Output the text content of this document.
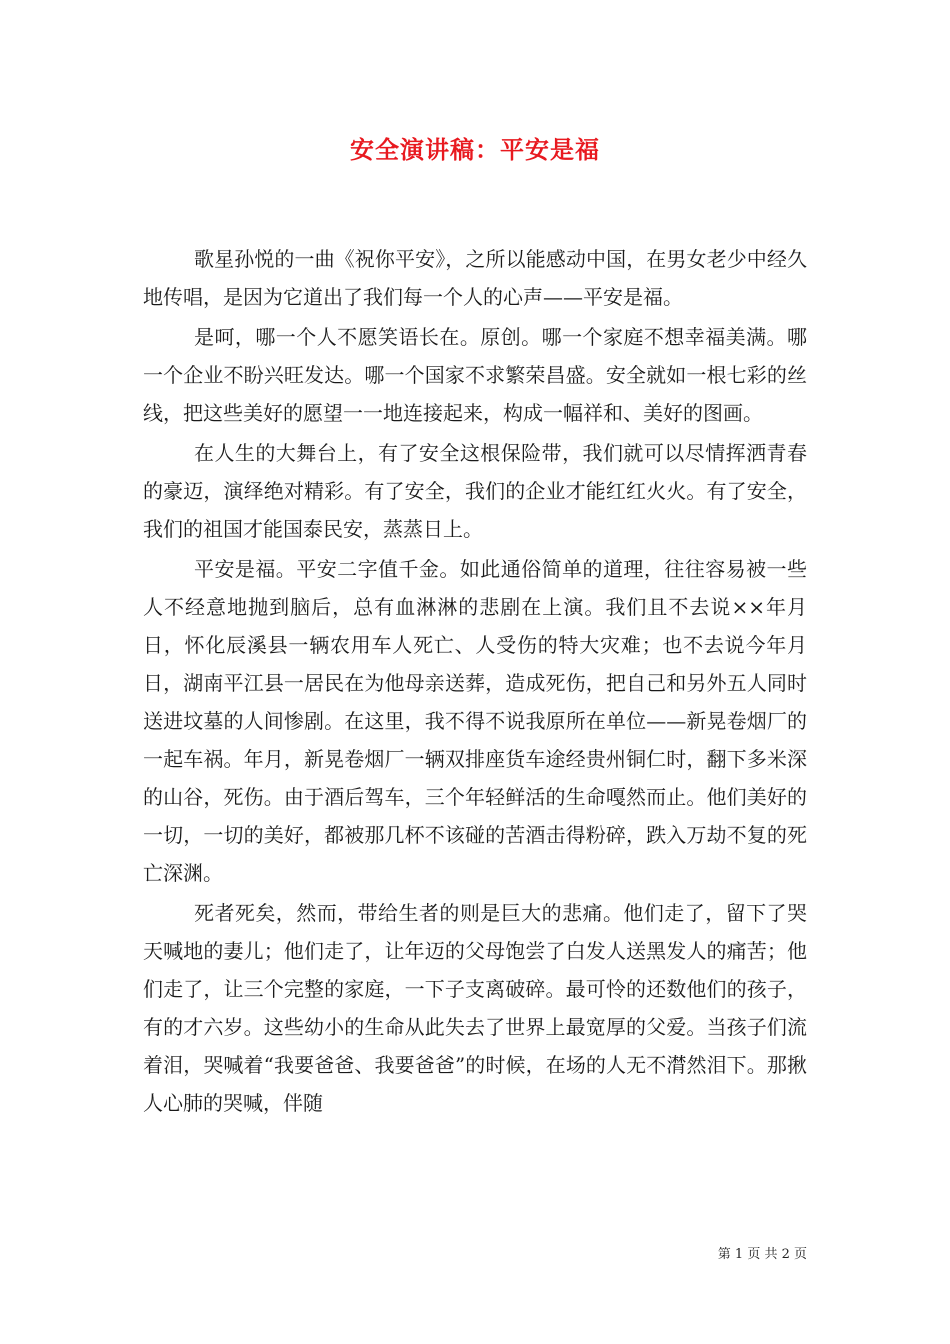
安全演讲稿：平安是福

歌星孙悦的一曲《祝你平安》，之所以能感动中国，在男女老少中经久地传唱，是因为它道出了我们每一个人的心声——平安是福。

是呵，哪一个人不愿笑语长在。原创。哪一个家庭不想幸福美满。哪一个企业不盼兴旺发达。哪一个国家不求繁荣昌盛。安全就如一根七彩的丝线，把这些美好的愿望一一地连接起来，构成一幅祥和、美好的图画。

在人生的大舞台上，有了安全这根保险带，我们就可以尽情挥洒青春的豪迈，演绎绝对精彩。有了安全，我们的企业才能红红火火。有了安全，我们的祖国才能国泰民安，蒸蒸日上。

平安是福。平安二字值千金。如此通俗简单的道理，往往容易被一些人不经意地抛到脑后，总有血淋淋的悲剧在上演。我们且不去说××年月日，怀化辰溪县一辆农用车人死亡、人受伤的特大灾难；也不去说今年月日，湖南平江县一居民在为他母亲送葬，造成死伤，把自己和另外五人同时送进坟墓的人间惨剧。在这里，我不得不说我原所在单位——新晃卷烟厂的一起车祸。年月，新晃卷烟厂一辆双排座货车途经贵州铜仁时，翻下多米深的山谷，死伤。由于酒后驾车，三个年轻鲜活的生命嘎然而止。他们美好的一切，一切的美好，都被那几杯不该碰的苦酒击得粉碎，跌入万劫不复的死亡深渊。

死者死矣，然而，带给生者的则是巨大的悲痛。他们走了，留下了哭天喊地的妻儿；他们走了，让年迈的父母饱尝了白发人送黑发人的痛苦；他们走了，让三个完整的家庭，一下子支离破碎。最可怜的还数他们的孩子，有的才六岁。这些幼小的生命从此失去了世界上最宽厚的父爱。当孩子们流着泪，哭喊着“我要爸爸、我要爸爸”的时候，在场的人无不潸然泪下。那揪人心肺的哭喊，伴随

第 1 页 共 2 页
